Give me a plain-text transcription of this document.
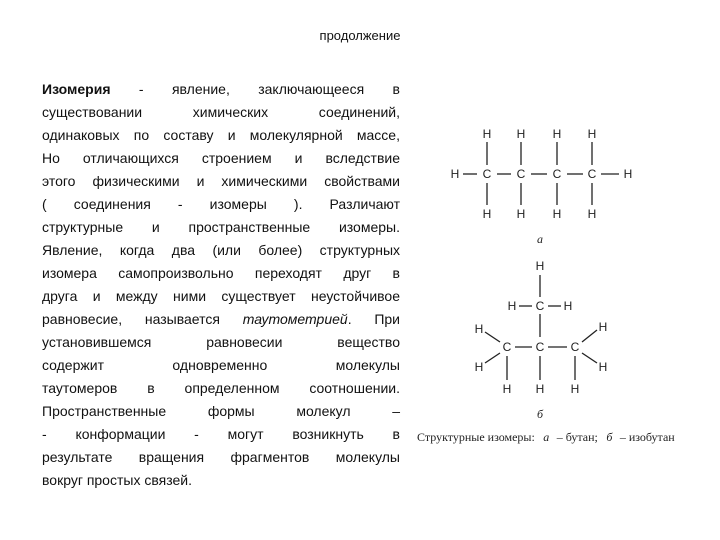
продолжение
Изомерия - явление, заключающееся в
существовании химических соединений,
одинаковых по составу и молекулярной массе,
Но отличающихся строением и вследствие
этого физическими и химическими свойствами
( соединения - изомеры ). Различают
структурные и пространственные изомеры.
Явление, когда два (или более) структурных
изомера самопроизвольно переходят друг в
друга и между ними существует неустойчивое
равновесие, называется таутометрией. При
установившемся равновесии вещество
содержит одновременно молекулы
таутомеров в определенном соотношении.
Пространственные формы молекул –
- конформации - могут возникнуть в
результате вращения фрагментов молекулы
вокруг простых связей.
H C C C C H
H H H H
H H H H
а
H
C
H	H
C C C
H
H
H H
H
H
H
б
Структурные изомеры: а – бутан; б – изобутан
